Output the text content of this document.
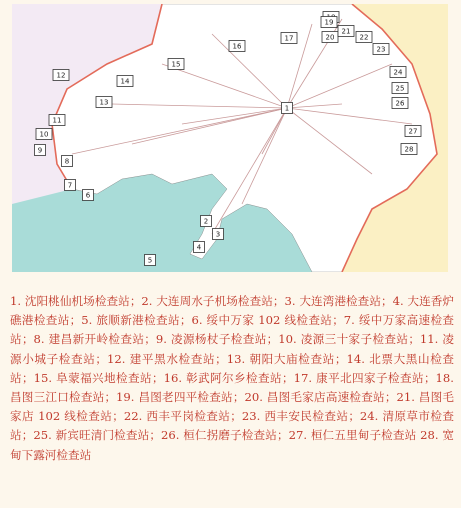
1
2
3
4
5
6
7
8
9
10
11
12
13
14
15
16
17
19
20
21
22
23
24
25
26
27
28
1. 沈阳桃仙机场检查站；2. 大连周水子机场检查站；3. 大连湾港检查站；4. 大连香炉礁港检查站；5. 旅顺新港检查站；6. 绥中万家 102 线检查站；7. 绥中万家高速检查站；8. 建昌新开岭检查站；9. 凌源杨杖子检查站；10. 凌源三十家子检查站；11. 凌源小城子检查站；12. 建平黑水检查站；13. 朝阳大庙检查站；14. 北票大黑山检查站；15. 阜蒙福兴地检查站；16. 彰武阿尔乡检查站；17. 康平北四家子检查站；18. 昌图三江口检查站；19. 昌图老四平检查站；20. 昌图毛家店高速检查站；21. 昌图毛家店 102 线检查站；22. 西丰平岗检查站；23. 西丰安民检查站；24. 清原草市检查站；25. 新宾旺清门检查站；26. 桓仁拐磨子检查站；27. 桓仁五里甸子检查站 28. 宽甸下露河检查站
